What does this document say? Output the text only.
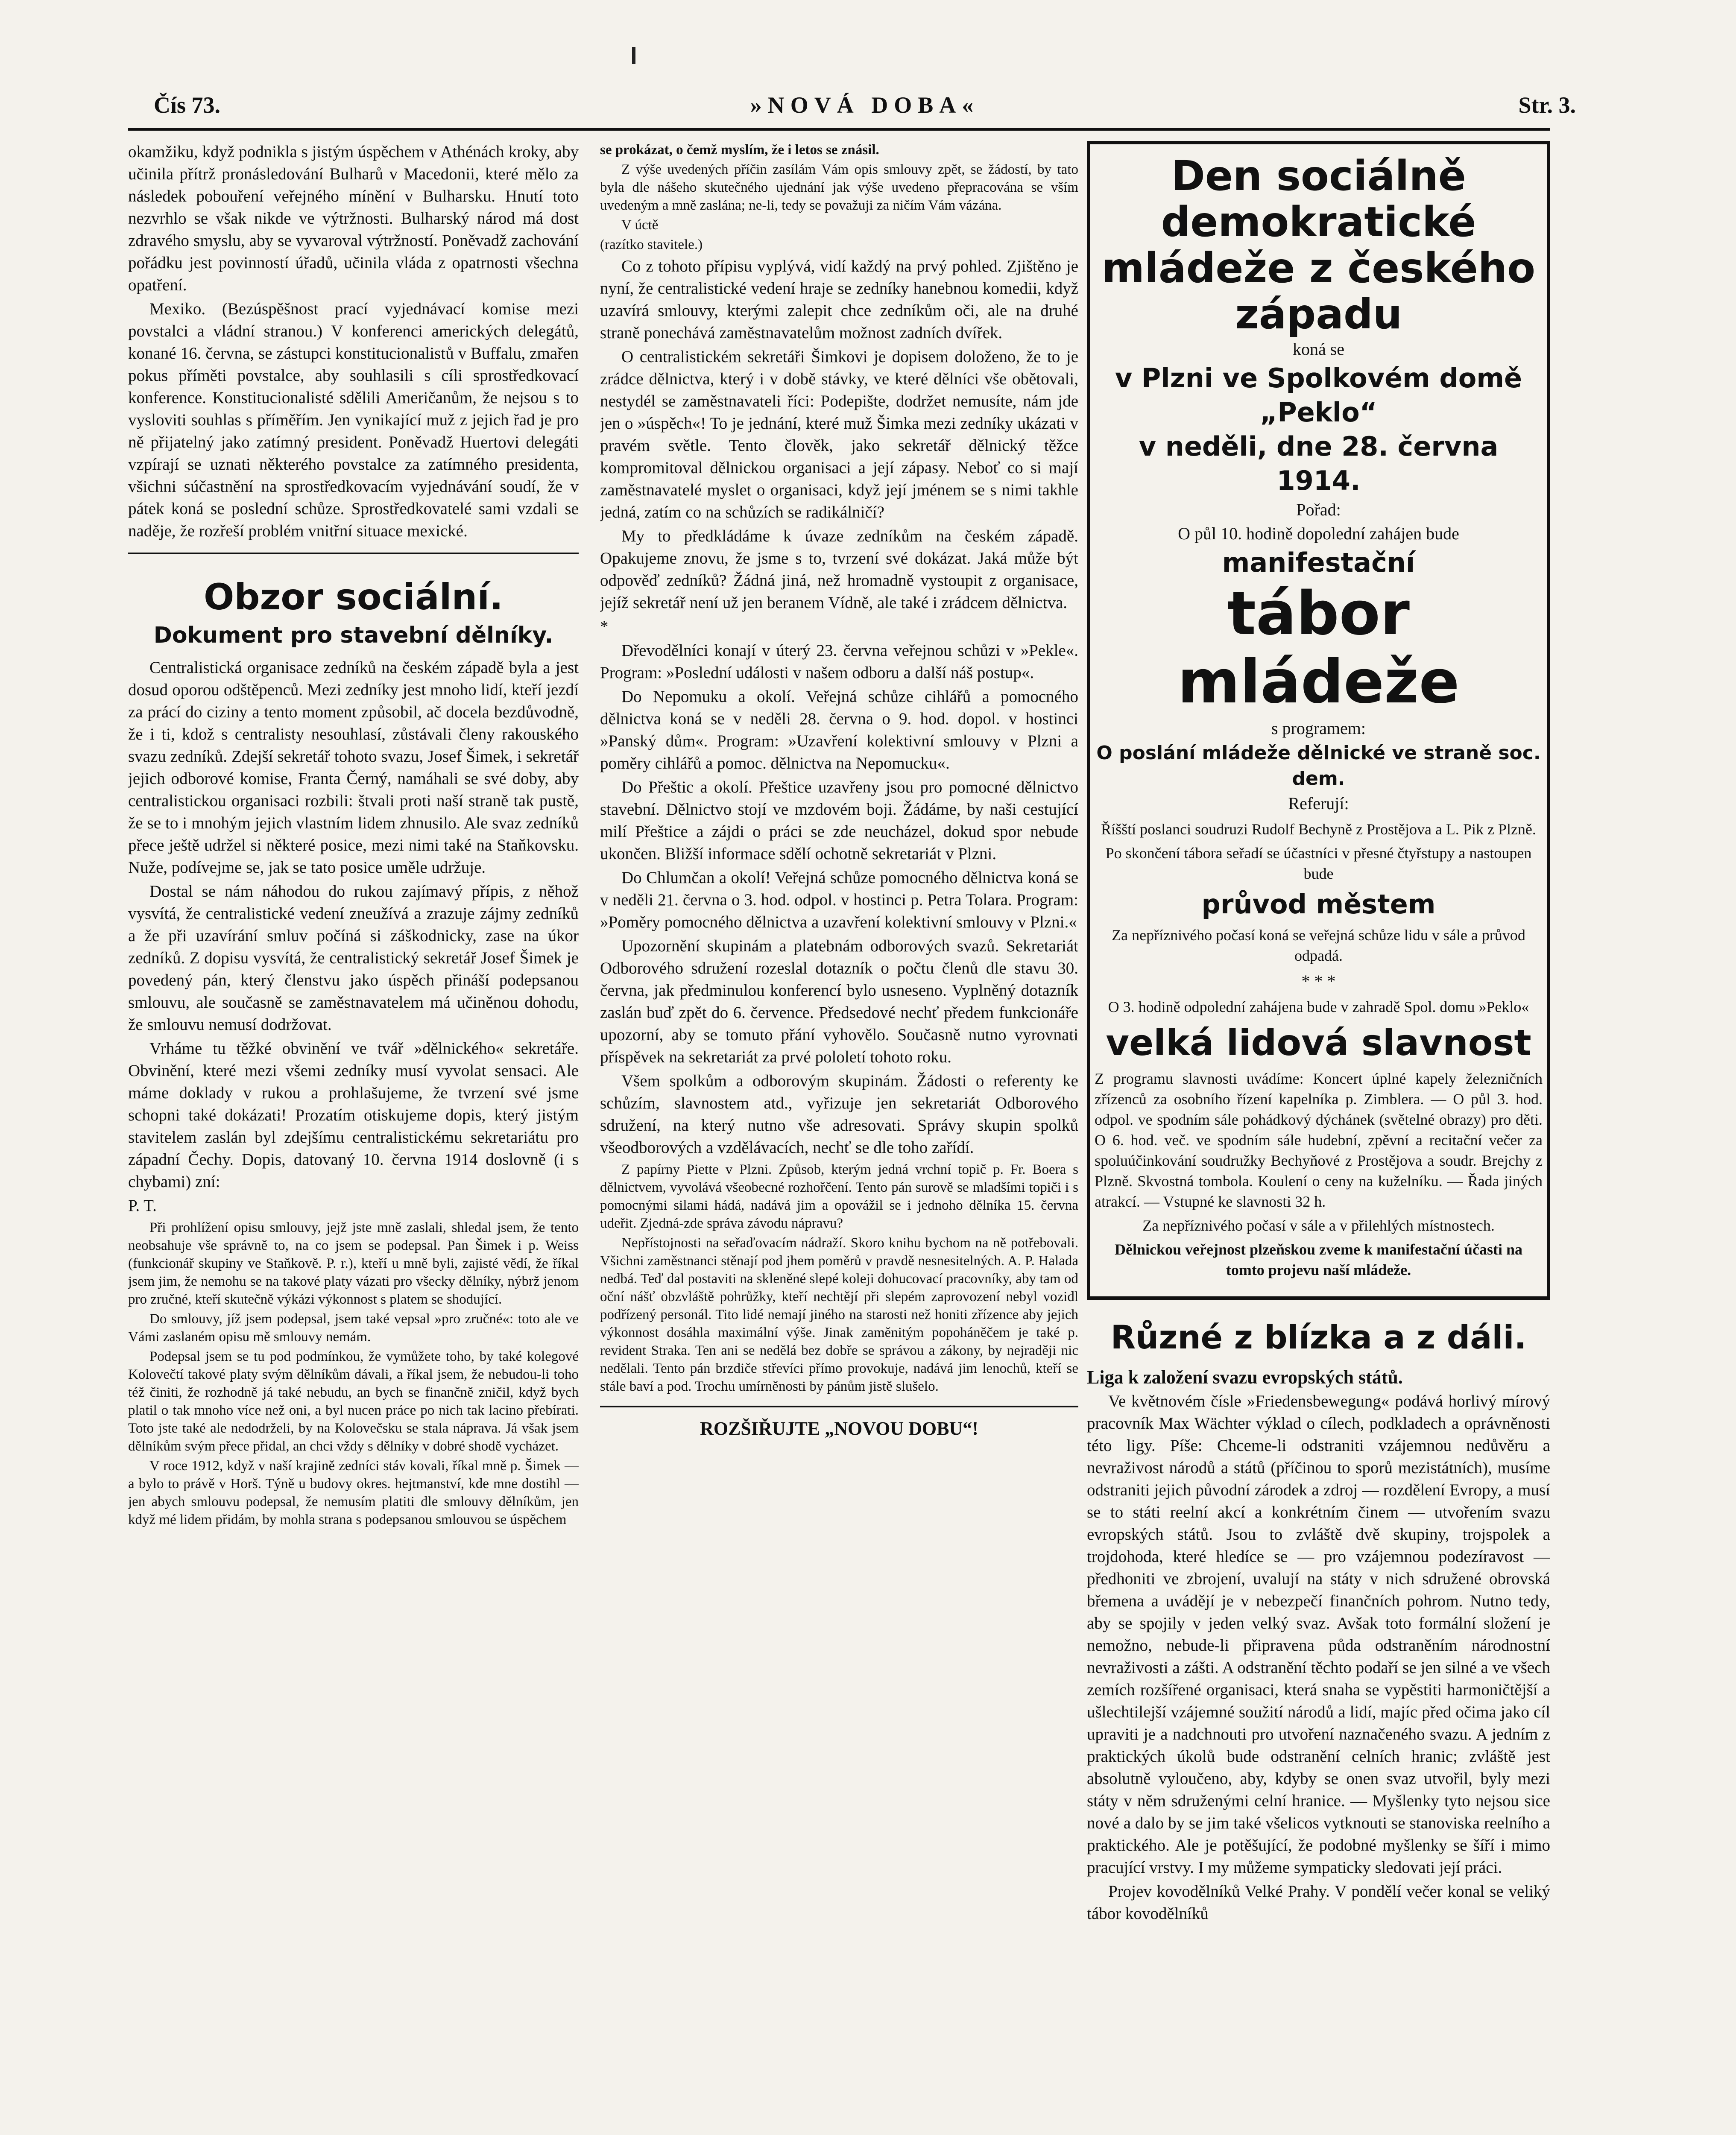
Čís 73.	»NOVÁ DOBA«	Str. 3.

okamžiku, když podnikla s jistým úspěchem v Athénách kroky, aby učinila přítrž pronásledování Bulharů v Macedonii, které mělo za následek pobouření veřejného mínění v Bulharsku. Hnutí toto nezvrhlo se však nikde ve výtržnosti. Bulharský národ má dost zdravého smyslu, aby se vyvaroval výtržností. Poněvadž zachování pořádku jest povinností úřadů, učinila vláda z opatrnosti všechna opatření.

Mexiko. (Bezúspěšnost prací vyjednávací komise mezi povstalci a vládní stranou.) V konferenci amerických delegátů, konané 16. června, se zástupci konstitucionalistů v Buffalu, zmařen pokus příměti povstalce, aby souhlasili s cíli sprostředkovací konference. Konstitucionalisté sdělili Američanům, že nejsou s to vysloviti souhlas s příměřím. Jen vynikající muž z jejich řad je pro ně přijatelný jako zatímný president. Poněvadž Huertovi delegáti vzpírají se uznati některého povstalce za zatímného presidenta, všichni súčastnění na sprostředkovacím vyjednávání soudí, že v pátek koná se poslední schůze. Sprostředkovatelé sami vzdali se naděje, že rozřeší problém vnitřní situace mexické.

Obzor sociální.
Dokument pro stavební dělníky.

Centralistická organisace zedníků na českém západě byla a jest dosud oporou odštěpenců. Mezi zedníky jest mnoho lidí, kteří jezdí za prácí do ciziny a tento moment způsobil, ač docela bezdůvodně, že i ti, kdož s centralisty nesouhlasí, zůstávali členy rakouského svazu zedníků. Zdejší sekretář tohoto svazu, Josef Šimek, i sekretář jejich odborové komise, Franta Černý, namáhali se své doby, aby centralistickou organisaci rozbili: štvali proti naší straně tak pustě, že se to i mnohým jejich vlastním lidem zhnusilo. Ale svaz zedníků přece ještě udržel si některé posice, mezi nimi také na Staňkovsku. Nuže, podívejme se, jak se tato posice uměle udržuje.

Dostal se nám náhodou do rukou zajímavý přípis, z něhož vysvítá, že centralistické vedení zneužívá a zrazuje zájmy zedníků a že při uzavírání smluv počíná si záškodnicky, zase na úkor zedníků. Z dopisu vysvítá, že centralistický sekretář Josef Šimek je povedený pán, který členstvu jako úspěch přináší podepsanou smlouvu, ale současně se zaměstnavatelem má učiněnou dohodu, že smlouvu nemusí dodržovat.

Vrháme tu těžké obvinění ve tvář »dělnického« sekretáře. Obvinění, které mezi všemi zedníky musí vyvolat sensaci. Ale máme doklady v rukou a prohlašujeme, že tvrzení své jsme schopni také dokázati! Prozatím otiskujeme dopis, který jistým stavitelem zaslán byl zdejšímu centralistickému sekretariátu pro západní Čechy. Dopis, datovaný 10. června 1914 doslovně (i s chybami) zní:

P. T.

Při prohlížení opisu smlouvy, jejž jste mně zaslali, shledal jsem, že tento neobsahuje vše správně to, na co jsem se podepsal. Pan Šimek i p. Weiss (funkcionář skupiny ve Staňkově. P. r.), kteří u mně byli, zajisté vědí, že říkal jsem jim, že nemohu se na takové platy vázati pro všecky dělníky, nýbrž jenom pro zručné, kteří skutečně výkázi výkonnost s platem se shodující.

Do smlouvy, jíž jsem podepsal, jsem také vepsal »pro zručné«: toto ale ve Vámi zaslaném opisu mě smlouvy nemám.

Podepsal jsem se tu pod podmínkou, že vymůžete toho, by také kolegové Kolovečtí takové platy svým dělníkům dávali, a říkal jsem, že nebudou-li toho též činiti, že rozhodně já také nebudu, an bych se finančně zničil, když bych platil o tak mnoho více než oni, a byl nucen práce po nich tak lacino přebírati. Toto jste také ale nedodrželi, by na Kolovečsku se stala náprava. Já však jsem dělníkům svým přece přidal, an chci vždy s dělníky v dobré shodě vycházet.

V roce 1912, když v naší krajině zedníci stáv kovali, říkal mně p. Šimek — a bylo to právě v Horš. Týně u budovy okres. hejtmanství, kde mne dostihl — jen abych smlouvu podepsal, že nemusím platiti dle smlouvy dělníkům, jen když mé lidem přidám, by mohla strana s podepsanou smlouvou se úspěchem

se prokázat, o čemž myslím, že i letos se znásil.

Z výše uvedených příčin zasílám Vám opis smlouvy zpět, se žádostí, by tato byla dle nášeho skutečného ujednání jak výše uvedeno přepracována se vším uvedeným a mně zaslána; ne-li, tedy se považuji za ničím Vám vázána.

V úctě

(razítko stavitele.)

Co z tohoto přípisu vyplývá, vidí každý na prvý pohled. Zjištěno je nyní, že centralistické vedení hraje se zedníky hanebnou komedii, když uzavírá smlouvy, kterými zalepit chce zedníkům oči, ale na druhé straně ponechává zaměstnavatelům možnost zadních dvířek.

O centralistickém sekretáři Šimkovi je dopisem doloženo, že to je zrádce dělnictva, který i v době stávky, ve které dělníci vše obětovali, nestydél se zaměstnavateli říci: Podepište, dodržet nemusíte, nám jde jen o »úspěch«! To je jednání, které muž Šimka mezi zedníky ukázati v pravém světle. Tento člověk, jako sekretář dělnický těžce kompromitoval dělnickou organisaci a její zápasy. Neboť co si mají zaměstnavatelé myslet o organisaci, když její jménem se s nimi takhle jedná, zatím co na schůzích se radikálničí?

My to předkládáme k úvaze zedníkům na českém západě. Opakujeme znovu, že jsme s to, tvrzení své dokázat. Jaká může být odpověď zedníků? Žádná jiná, než hromadně vystoupit z organisace, jejíž sekretář není už jen beranem Vídně, ale také i zrádcem dělnictva.

*

Dřevodělníci konají v úterý 23. června veřejnou schůzi v »Pekle«. Program: »Poslední události v našem odboru a další náš postup«.

Do Nepomuku a okolí. Veřejná schůze cihlářů a pomocného dělnictva koná se v neděli 28. června o 9. hod. dopol. v hostinci »Panský dům«. Program: »Uzavření kolektivní smlouvy v Plzni a poměry cihlářů a pomoc. dělnictva na Nepomucku«.

Do Přeštic a okolí. Přeštice uzavřeny jsou pro pomocné dělnictvo stavební. Dělnictvo stojí ve mzdovém boji. Žádáme, by naši cestující milí Přeštice a zájdi o práci se zde neucházel, dokud spor nebude ukončen. Bližší informace sdělí ochotně sekretariát v Plzni.

Do Chlumčan a okolí! Veřejná schůze pomocného dělnictva koná se v neděli 21. června o 3. hod. odpol. v hostinci p. Petra Tolara. Program: »Poměry pomocného dělnictva a uzavření kolektivní smlouvy v Plzni.«

Upozornění skupinám a platebnám odborových svazů. Sekretariát Odborového sdružení rozeslal dotazník o počtu členů dle stavu 30. června, jak předminulou konferencí bylo usneseno. Vyplněný dotazník zaslán buď zpět do 6. července. Předsedové nechť předem funkcionáře upozorní, aby se tomuto přání vyhovělo. Současně nutno vyrovnati příspěvek na sekretariát za prvé pololetí tohoto roku.

Všem spolkům a odborovým skupinám. Žádosti o referenty ke schůzím, slavnostem atd., vyřizuje jen sekretariát Odborového sdružení, na který nutno vše adresovati. Správy skupin spolků všeodborových a vzdělávacích, nechť se dle toho zařídí.

Z papírny Piette v Plzni. Způsob, kterým jedná vrchní topič p. Fr. Boera s dělnictvem, vyvolává všeobecné rozhořčení. Tento pán surově se mladšími topiči i s pomocnými silami hádá, nadává jim a opovážil se i jednoho dělníka 15. června udeřit. Zjedná-zde správa závodu nápravu?

Nepřístojnosti na seřaďovacím nádraží. Skoro knihu bychom na ně potřebovali. Všichni zaměstnanci stěnají pod jhem poměrů v pravdě nesnesitelných. A. P. Halada nedbá. Teď dal postaviti na skleněné slepé koleji dohucovací pracovníky, aby tam od oční nášť obzvláště pohrůžky, kteří nechtějí při slepém zaprovození nebyl vozidl podřízený personál. Tito lidé nemají jiného na starosti než honiti zřízence aby jejich výkonnost dosáhla maximální výše. Jinak zaměnitým popoháněčem je také p. revident Straka. Ten ani se nedělá bez dobře se správou a zákony, by nejraději nic nedělali. Tento pán brzdiče střevíci přímo provokuje, nadává jim lenochů, kteří se stále baví a pod. Trochu umírněnosti by pánům jistě slušelo.

ROZŠIŘUJTE „NOVOU DOBU“!
Den sociálně demokratické mládeže z českého západu
koná se
v Plzni ve Spolkovém domě „Peklo“
v neděli, dne 28. června 1914.
Pořad:
O půl 10. hodině dopolední zahájen bude
manifestační
tábor mládeže
s programem:
O poslání mládeže dělnické ve straně soc. dem.
Referují:
Říšští poslanci soudruzi Rudolf Bechyně z Prostějova a L. Pik z Plzně.
Po skončení tábora seřadí se účastníci v přesné čtyřstupy a nastoupen bude
průvod městem
Za nepříznivého počasí koná se veřejná schůze lidu v sále a průvod odpadá.
* * *
O 3. hodině odpolední zahájena bude v zahradě Spol. domu »Peklo«
velká lidová slavnost
Z programu slavnosti uvádíme: Koncert úplné kapely železničních zřízenců za osobního řízení kapelníka p. Zimblera. — O půl 3. hod. odpol. ve spodním sále pohádkový dýchánek (světelné obrazy) pro děti. O 6. hod. več. ve spodním sále hudební, zpěvní a recitační večer za spoluúčinkování soudružky Bechyňové z Prostějova a soudr. Brejchy z Plzně. Skvostná tombola. Koulení o ceny na kuželníku. — Řada jiných atrakcí. — Vstupné ke slavnosti 32 h.
Za nepříznivého počasí v sále a v přilehlých místnostech.
Dělnickou veřejnost plzeňskou zveme k manifestační účasti na tomto projevu naší mládeže.
Různé z blízka a z dáli.

Liga k založení svazu evropských států.

Ve květnovém čísle »Friedensbewegung« podává horlivý mírový pracovník Max Wächter výklad o cílech, podkladech a oprávněnosti této ligy. Píše: Chceme-li odstraniti vzájemnou nedůvěru a nevraživost národů a států (příčinou to sporů mezistátních), musíme odstraniti jejich původní zárodek a zdroj — rozdělení Evropy, a musí se to státi reelní akcí a konkrétním činem — utvořením svazu evropských států. Jsou to zvláště dvě skupiny, trojspolek a trojdohoda, které hledíce se — pro vzájemnou podezíravost — předhoniti ve zbrojení, uvalují na státy v nich sdružené obrovská břemena a uvádějí je v nebezpečí finančních pohrom. Nutno tedy, aby se spojily v jeden velký svaz. Avšak toto formální složení je nemožno, nebude-li připravena půda odstraněním národnostní nevraživosti a zášti. A odstranění těchto podaří se jen silné a ve všech zemích rozšířené organisaci, která snaha se vypěstiti harmoničtější a ušlechtilejší vzájemné soužití národů a lidí, majíc před očima jako cíl upraviti je a nadchnouti pro utvoření naznačeného svazu. A jedním z praktických úkolů bude odstranění celních hranic; zvláště jest absolutně vyloučeno, aby, kdyby se onen svaz utvořil, byly mezi státy v něm sdruženými celní hranice. — Myšlenky tyto nejsou sice nové a dalo by se jim také všelicos vytknouti se stanoviska reelního a praktického. Ale je potěšující, že podobné myšlenky se šíří i mimo pracující vrstvy. I my můžeme sympaticky sledovati její práci.

Projev kovodělníků Velké Prahy. V pondělí večer konal se veliký tábor kovodělníků
